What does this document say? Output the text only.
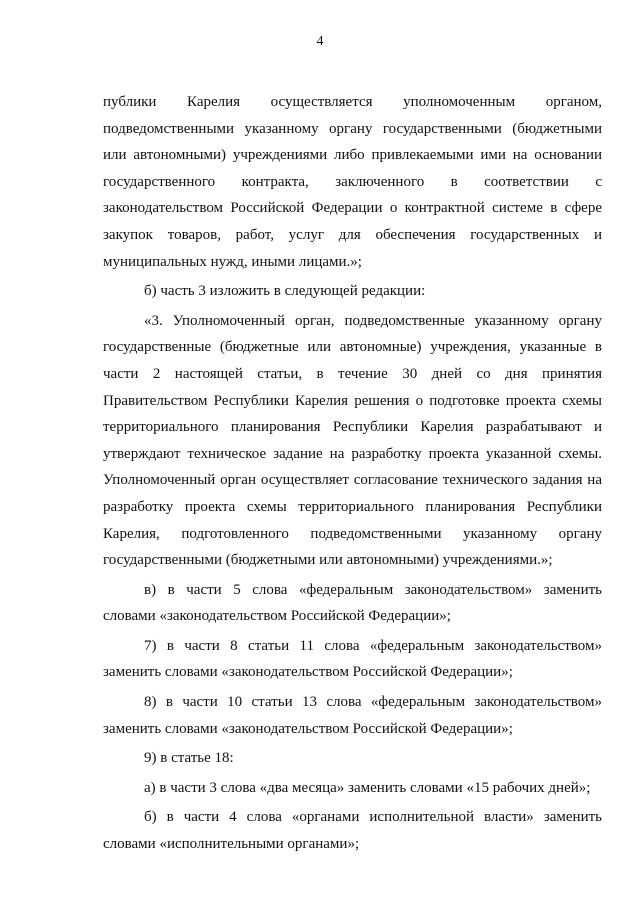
4

публики Карелия осуществляется уполномоченным органом, подведомственными указанному органу государственными (бюджетными или автономными) учреждениями либо привлекаемыми ими на основании государственного контракта, заключенного в соответствии с законодательством Российской Федерации о контрактной системе в сфере закупок товаров, работ, услуг для обеспечения государственных и муниципальных нужд, иными лицами.»;

б) часть 3 изложить в следующей редакции:

«3. Уполномоченный орган, подведомственные указанному органу государственные (бюджетные или автономные) учреждения, указанные в части 2 настоящей статьи, в течение 30 дней со дня принятия Правительством Республики Карелия решения о подготовке проекта схемы территориального планирования Республики Карелия разрабатывают и утверждают техническое задание на разработку проекта указанной схемы. Уполномоченный орган осуществляет согласование технического задания на разработку проекта схемы территориального планирования Республики Карелия, подготовленного подведомственными указанному органу государственными (бюджетными или автономными) учреждениями.»;

в) в части 5 слова «федеральным законодательством» заменить словами «законодательством Российской Федерации»;

7) в части 8 статьи 11 слова «федеральным законодательством» заменить словами «законодательством Российской Федерации»;

8) в части 10 статьи 13 слова «федеральным законодательством» заменить словами «законодательством Российской Федерации»;

9) в статье 18:

а) в части 3 слова «два месяца» заменить словами «15 рабочих дней»;

б) в части 4 слова «органами исполнительной власти» заменить словами «исполнительными органами»;
